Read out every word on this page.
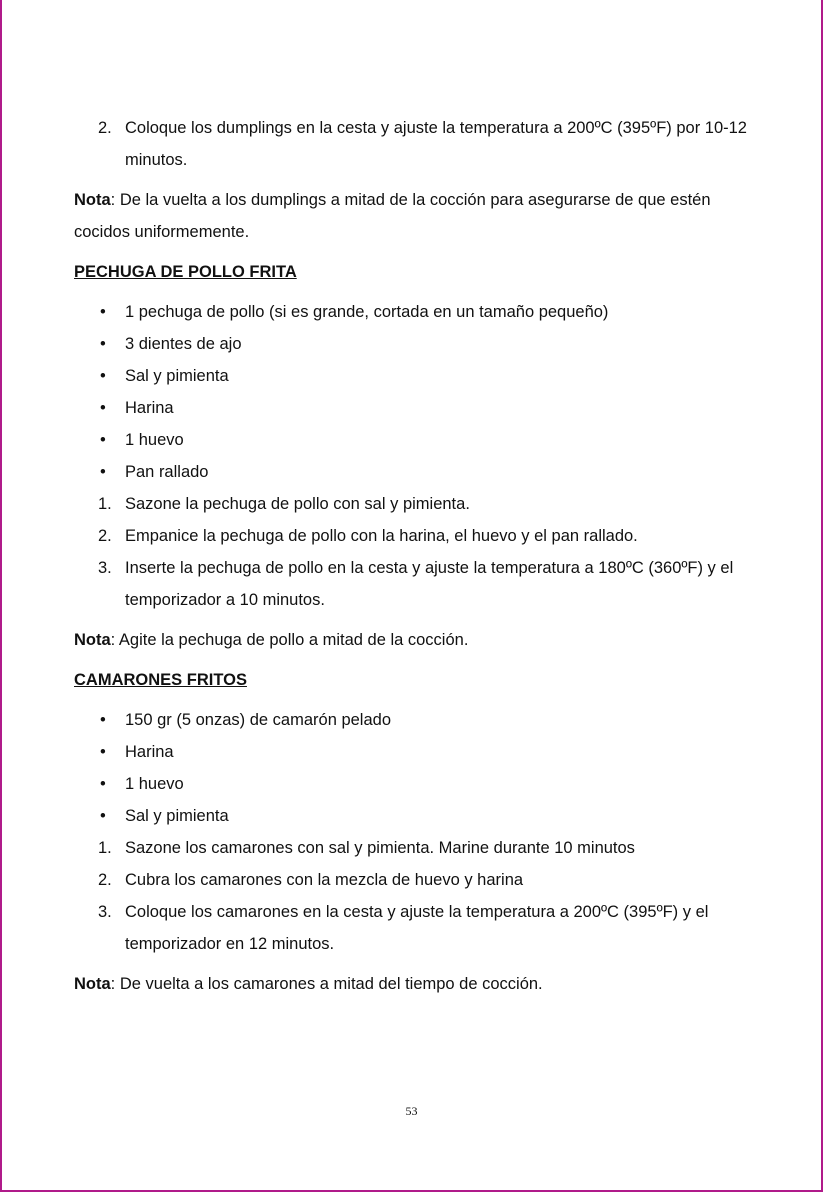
2. Coloque los dumplings en la cesta y ajuste la temperatura a 200ºC (395ºF) por 10-12 minutos.
Nota: De la vuelta a los dumplings a mitad de la cocción para asegurarse de que estén cocidos uniformemente.
PECHUGA DE POLLO FRITA
•	1 pechuga de pollo (si es grande, cortada en un tamaño pequeño)
•	3 dientes de ajo
•	Sal y pimienta
•	Harina
•	1 huevo
•	Pan rallado
1. Sazone la pechuga de pollo con sal y pimienta.
2. Empanice la pechuga de pollo con la harina, el huevo y el pan rallado.
3. Inserte la pechuga de pollo en la cesta y ajuste la temperatura a 180ºC (360ºF) y el temporizador a 10 minutos.
Nota: Agite la pechuga de pollo a mitad de la cocción.
CAMARONES FRITOS
•	150 gr (5 onzas) de camarón pelado
•	Harina
•	1 huevo
•	Sal y pimienta
1. Sazone los camarones con sal y pimienta. Marine durante 10 minutos
2. Cubra los camarones con la mezcla de huevo y harina
3. Coloque los camarones en la cesta y ajuste la temperatura a 200ºC (395ºF) y el temporizador en 12 minutos.
Nota: De vuelta a los camarones a mitad del tiempo de cocción.
53
